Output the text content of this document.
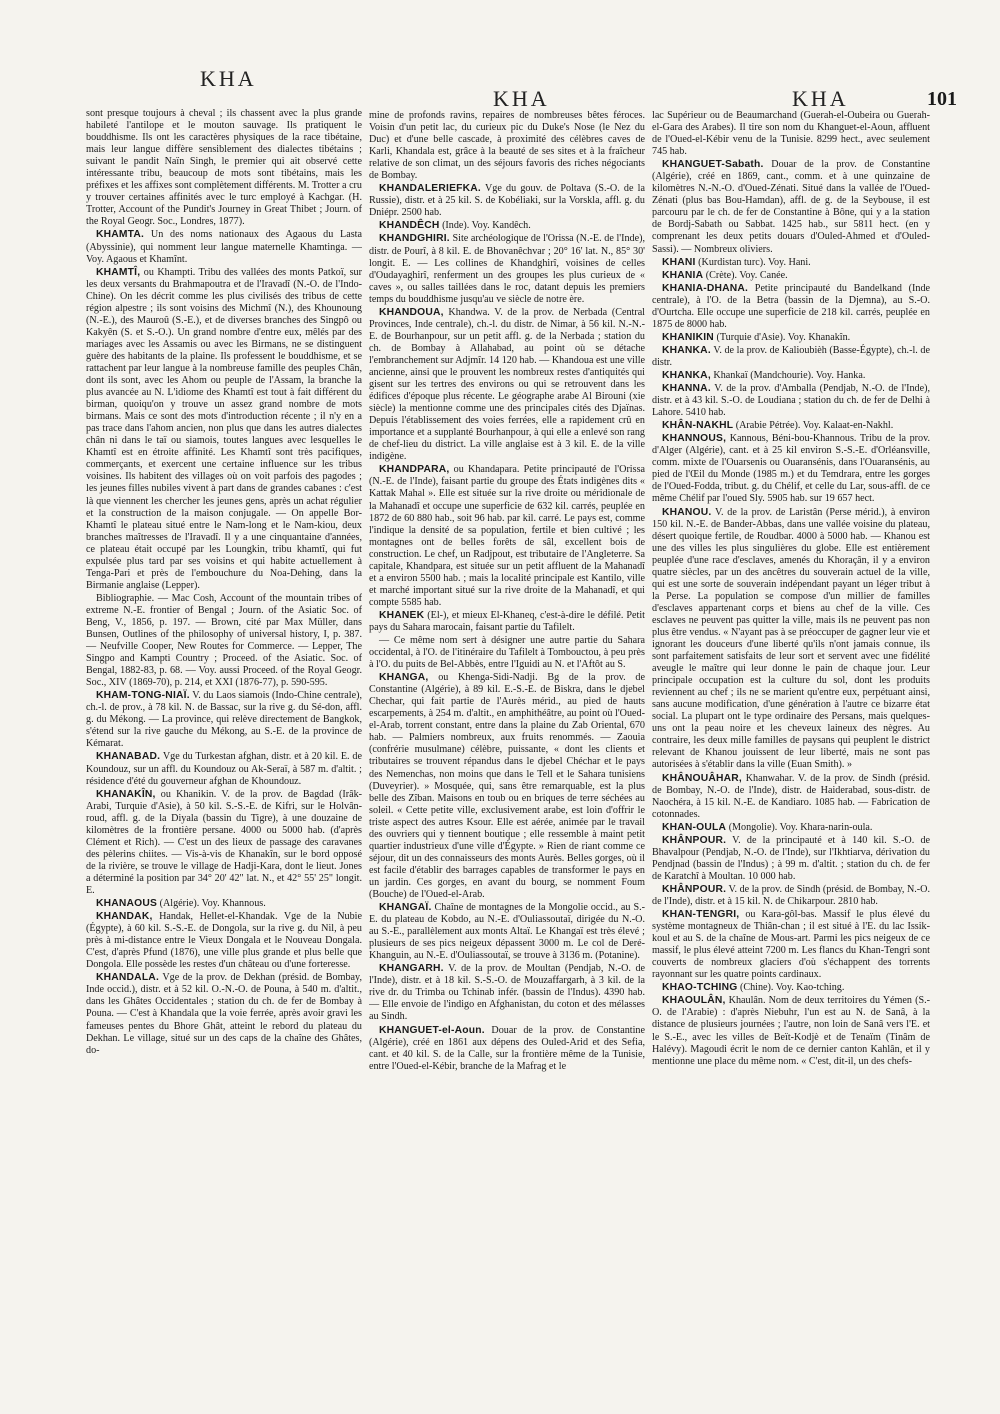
KHA
KHA	KHA	101

sont presque toujours à cheval ; ils chassent avec la plus grande habileté l'antilope et le mouton sauvage. Ils pratiquent le bouddhisme. Ils ont les caractères physiques de la race tibétaine, mais leur langue diffère sensiblement des dialectes tibétains ; suivant le pandit Naïn Singh, le premier qui ait observé cette intéressante tribu, beaucoup de mots sont tibétains, mais les préfixes et les affixes sont complètement différents. M. Trotter a cru y trouver certaines affinités avec le turc employé à Kachgar. (H. Trotter, Account of the Pundit's Journey in Great Thibet ; Journ. of the Royal Geogr. Soc., Londres, 1877).

KHAMTA. Un des noms nationaux des Agaous du Lasta (Abyssinie), qui nomment leur langue maternelle Khamtinga. — Voy. Agaous et Khamînt.

KHAMTÎ, ou Khampti. Tribu des vallées des monts Patkoï, sur les deux versants du Brahmapoutra et de l'Iravadî (N.-O. de l'Indo-Chine). On les décrit comme les plus civilisés des tribus de cette région alpestre ; ils sont voisins des Michmî (N.), des Khounoung (N.-E.), des Mauroû (S.-E.), et de diverses branches des Singpô ou Kakyên (S. et S.-O.). Un grand nombre d'entre eux, mêlés par des mariages avec les Assamis ou avec les Birmans, ne se distinguent guère des habitants de la plaine. Ils professent le bouddhisme, et se rattachent par leur langue à la nombreuse famille des peuples Chân, dont ils sont, avec les Ahom ou peuple de l'Assam, la branche la plus avancée au N. L'idiome des Khamtî est tout à fait différent du birman, quoiqu'on y trouve un assez grand nombre de mots birmans. Mais ce sont des mots d'introduction récente ; il n'y en a pas trace dans l'ahom ancien, non plus que dans les autres dialectes chân ni dans le taï ou siamois, toutes langues avec lesquelles le Khamtî est en étroite affinité. Les Khamtî sont très pacifiques, commerçants, et exercent une certaine influence sur les tribus voisines. Ils habitent des villages où on voit parfois des pagodes ; les jeunes filles nubiles vivent à part dans de grandes cabanes : c'est là que viennent les chercher les jeunes gens, après un achat régulier et la construction de la maison conjugale. — On appelle Bor-Khamtî le plateau situé entre le Nam-long et le Nam-kiou, deux branches maîtresses de l'Iravadî. Il y a une cinquantaine d'années, ce plateau était occupé par les Loungkin, tribu khamtî, qui fut expulsée plus tard par ses voisins et qui habite actuellement à Tenga-Pari et près de l'embouchure du Noa-Dehing, dans la Birmanie anglaise (Lepper).

Bibliographie. — Mac Cosh, Account of the mountain tribes of extreme N.-E. frontier of Bengal ; Journ. of the Asiatic Soc. of Beng, V., 1856, p. 197. — Brown, cité par Max Müller, dans Bunsen, Outlines of the philosophy of universal history, I, p. 387. — Neufville Cooper, New Routes for Commerce. — Lepper, The Singpo and Kampti Country ; Proceed. of the Asiatic. Soc. of Bengal, 1882-83, p. 68. — Voy. aussi Proceed. of the Royal Geogr. Soc., XIV (1869-70), p. 214, et XXI (1876-77), p. 590-595.

KHAM-TONG-NIAÏ. V. du Laos siamois (Indo-Chine centrale), ch.-l. de prov., à 78 kil. N. de Bassac, sur la rive g. du Sé-don, affl. g. du Mékong. — La province, qui relève directement de Bangkok, s'étend sur la rive gauche du Mékong, au S.-E. de la province de Kémarat.

KHANABAD. Vge du Turkestan afghan, distr. et à 20 kil. E. de Koundouz, sur un affl. du Koundouz ou Ak-Seraï, à 587 m. d'altit. ; résidence d'été du gouverneur afghan de Khoundouz.

KHANAKÎN, ou Khanikin. V. de la prov. de Bagdad (Irâk-Arabi, Turquie d'Asie), à 50 kil. S.-S.-E. de Kifri, sur le Holvân-roud, affl. g. de la Diyala (bassin du Tigre), à une douzaine de kilomètres de la frontière persane. 4000 ou 5000 hab. (d'après Clément et Rich). — C'est un des lieux de passage des caravanes des pèlerins chiites. — Vis-à-vis de Khanakîn, sur le bord opposé de la rivière, se trouve le village de Hadji-Kara, dont le lieut. Jones a déterminé la position par 34° 20' 42" lat. N., et 42° 55' 25" longit. E.

KHANAOUS (Algérie). Voy. Khannous.

KHANDAK, Handak, Hellet-el-Khandak. Vge de la Nubie (Égypte), à 60 kil. S.-S.-E. de Dongola, sur la rive g. du Nil, à peu près à mi-distance entre le Vieux Dongala et le Nouveau Dongala. C'est, d'après Pfund (1876), une ville plus grande et plus belle que Dongola. Elle possède les restes d'un château ou d'une forteresse.

KHANDALA. Vge de la prov. de Dekhan (présid. de Bombay, Inde occid.), distr. et à 52 kil. O.-N.-O. de Pouna, à 540 m. d'altit., dans les Ghâtes Occidentales ; station du ch. de fer de Bombay à Pouna. — C'est à Khandala que la voie ferrée, après avoir gravi les fameuses pentes du Bhore Ghât, atteint le rebord du plateau du Dekhan. Le village, situé sur un des caps de la chaîne des Ghâtes, do-

mine de profonds ravins, repaires de nombreuses bêtes féroces. Voisin d'un petit lac, du curieux pic du Duke's Nose (le Nez du Duc) et d'une belle cascade, à proximité des célèbres caves de Karli, Khandala est, grâce à la beauté de ses sites et à la fraîcheur relative de son climat, un des séjours favoris des riches négociants de Bombay.

KHANDALERIEFKA. Vge du gouv. de Poltava (S.-O. de la Russie), distr. et à 25 kil. S. de Kobéliaki, sur la Vorskla, affl. g. du Dniépr. 2500 hab.

KHANDÊCH (Inde). Voy. Kandêch.

KHANDGHIRI. Site archéologique de l'Orissa (N.-E. de l'Inde), distr. de Pourî, à 8 kil. E. de Bhovanêchvar ; 20° 16' lat. N., 85° 30' longit. E. — Les collines de Khandghirî, voisines de celles d'Oudayaghirî, renferment un des groupes les plus curieux de « caves », ou salles taillées dans le roc, datant depuis les premiers temps du bouddhisme jusqu'au ve siècle de notre ère.

KHANDOUA, Khandwa. V. de la prov. de Nerbada (Central Provinces, Inde centrale), ch.-l. du distr. de Nimar, à 56 kil. N.-N.-E. de Bourhanpour, sur un petit affl. g. de la Nerbada ; station du ch. de Bombay à Allahabad, au point où se détache l'embranchement sur Adjmîr. 14 120 hab. — Khandoua est une ville ancienne, ainsi que le prouvent les nombreux restes d'antiquités qui gisent sur les tertres des environs ou qui se retrouvent dans les édifices d'époque plus récente. Le géographe arabe Al Birouni (xie siècle) la mentionne comme une des principales cités des Djaïnas. Depuis l'établissement des voies ferrées, elle a rapidement crû en importance et a supplanté Bourhanpour, à qui elle a enlevé son rang de chef-lieu du district. La ville anglaise est à 3 kil. E. de la ville indigène.

KHANDPARA, ou Khandapara. Petite principauté de l'Orissa (N.-E. de l'Inde), faisant partie du groupe des États indigènes dits « Kattak Mahal ». Elle est située sur la rive droite ou méridionale de la Mahanadî et occupe une superficie de 632 kil. carrés, peuplée en 1872 de 60 880 hab., soit 96 hab. par kil. carré. Le pays est, comme l'indique la densité de sa population, fertile et bien cultivé ; les montagnes ont de belles forêts de sâl, excellent bois de construction. Le chef, un Radjpout, est tributaire de l'Angleterre. Sa capitale, Khandpara, est située sur un petit affluent de la Mahanadî et a environ 5500 hab. ; mais la localité principale est Kantilo, ville et marché important situé sur la rive droite de la Mahanadî, et qui compte 5585 hab.

KHANEK (El-), et mieux El-Khaneq, c'est-à-dire le défilé. Petit pays du Sahara marocain, faisant partie du Tafilelt.

— Ce même nom sert à désigner une autre partie du Sahara occidental, à l'O. de l'itinéraire du Tafilelt à Tombouctou, à peu près à l'O. du puits de Bel-Abbès, entre l'Iguidi au N. et l'Aftôt au S.

KHANGA, ou Khenga-Sidi-Nadji. Bg de la prov. de Constantine (Algérie), à 89 kil. E.-S.-E. de Biskra, dans le djebel Chechar, qui fait partie de l'Aurès mérid., au pied de hauts escarpements, à 254 m. d'altit., en amphithéâtre, au point où l'Oued-el-Arab, torrent constant, entre dans la plaine du Zab Oriental, 670 hab. — Palmiers nombreux, aux fruits renommés. — Zaouia (confrérie musulmane) célèbre, puissante, « dont les clients et tributaires se trouvent répandus dans le djebel Chéchar et le pays des Nemenchas, non moins que dans le Tell et le Sahara tunisiens (Duveyrier). » Mosquée, qui, sans être remarquable, est la plus belle des Zîban. Maisons en toub ou en briques de terre séchées au soleil. « Cette petite ville, exclusivement arabe, est loin d'offrir le triste aspect des autres Ksour. Elle est aérée, animée par le travail des ouvriers qui y tiennent boutique ; elle ressemble à maint petit quartier industrieux d'une ville d'Égypte. » Rien de riant comme ce séjour, dit un des connaisseurs des monts Aurès. Belles gorges, où il est facile d'établir des barrages capables de transformer le pays en un jardin. Ces gorges, en avant du bourg, se nomment Foum (Bouche) de l'Oued-el-Arab.

KHANGAÏ. Chaîne de montagnes de la Mongolie occid., au S.-E. du plateau de Kobdo, au N.-E. d'Ouliassoutaï, dirigée du N.-O. au S.-E., parallèlement aux monts Altaï. Le Khangaï est très élevé ; plusieurs de ses pics neigeux dépassent 3000 m. Le col de Deré-Khanguin, au N.-E. d'Ouliassoutaï, se trouve à 3136 m. (Potanine).

KHANGARH. V. de la prov. de Moultan (Pendjab, N.-O. de l'Inde), distr. et à 18 kil. S.-S.-O. de Mouzaffargarh, à 3 kil. de la rive dr. du Trimba ou Tchinab infér. (bassin de l'Indus). 4390 hab. — Elle envoie de l'indigo en Afghanistan, du coton et des mélasses au Sindh.

KHANGUET-el-Aoun. Douar de la prov. de Constantine (Algérie), créé en 1861 aux dépens des Ouled-Arid et des Sefia, cant. et 40 kil. S. de la Calle, sur la frontière même de la Tunisie, entre l'Oued-el-Kébir, branche de la Mafrag et le

lac Supérieur ou de Beaumarchand (Guerah-el-Oubeira ou Guerah-el-Gara des Arabes). Il tire son nom du Khanguet-el-Aoun, affluent de l'Oued-el-Kébir venu de la Tunisie. 8299 hect., avec seulement 745 hab.

KHANGUET-Sabath. Douar de la prov. de Constantine (Algérie), créé en 1869, cant., comm. et à une quinzaine de kilomètres N.-N.-O. d'Oued-Zénati. Situé dans la vallée de l'Oued-Zénati (plus bas Bou-Hamdan), affl. de g. de la Seybouse, il est parcouru par le ch. de fer de Constantine à Bône, qui y a la station de Bordj-Sabath ou Sabbat. 1425 hab., sur 5811 hect. (en y comprenant les deux petits douars d'Ouled-Ahmed et d'Ouled-Sassi). — Nombreux oliviers.

KHANI (Kurdistan turc). Voy. Hani.

KHANIA (Crète). Voy. Canée.

KHANIA-DHANA. Petite principauté du Bandelkand (Inde centrale), à l'O. de la Betra (bassin de la Djemna), au S.-O. d'Ourtcha. Elle occupe une superficie de 218 kil. carrés, peuplée en 1875 de 8000 hab.

KHANIKIN (Turquie d'Asie). Voy. Khanakîn.

KHANKA. V. de la prov. de Kalioubièh (Basse-Égypte), ch.-l. de distr.

KHANKA, Khankaï (Mandchourie). Voy. Hanka.

KHANNA. V. de la prov. d'Amballa (Pendjab, N.-O. de l'Inde), distr. et à 43 kil. S.-O. de Loudiana ; station du ch. de fer de Delhi à Lahore. 5410 hab.

KHÂN-NAKHL (Arabie Pétrée). Voy. Kalaat-en-Nakhl.

KHANNOUS, Kannous, Béni-bou-Khannous. Tribu de la prov. d'Alger (Algérie), cant. et à 25 kil environ S.-S.-E. d'Orléansville, comm. mixte de l'Ouarsenis ou Ouaransénis, dans l'Ouaransénis, au pied de l'Œil du Monde (1985 m.) et du Temdrara, entre les gorges de l'Oued-Fodda, tribut. g. du Chélif, et celle du Lar, sous-affl. de ce même Chélif par l'oued Sly. 5905 hab. sur 19 657 hect.

KHANOU. V. de la prov. de Laristân (Perse mérid.), à environ 150 kil. N.-E. de Bander-Abbas, dans une vallée voisine du plateau, désert quoique fertile, de Roudbar. 4000 à 5000 hab. — Khanou est une des villes les plus singulières du globe. Elle est entièrement peuplée d'une race d'esclaves, amenés du Khoraçân, il y a environ quatre siècles, par un des ancêtres du souverain actuel de la ville, qui est une sorte de souverain indépendant payant un léger tribut à la Perse. La population se compose d'un millier de familles d'esclaves appartenant corps et biens au chef de la ville. Ces esclaves ne peuvent pas quitter la ville, mais ils ne peuvent pas non plus être vendus. « N'ayant pas à se préoccuper de gagner leur vie et ignorant les douceurs d'une liberté qu'ils n'ont jamais connue, ils sont parfaitement satisfaits de leur sort et servent avec une fidélité aveugle le maître qui leur donne le pain de chaque jour. Leur principale occupation est la culture du sol, dont les produits reviennent au chef ; ils ne se marient qu'entre eux, perpétuant ainsi, sans aucune modification, d'une génération à l'autre ce bizarre état social. La plupart ont le type ordinaire des Persans, mais quelques-uns ont la peau noire et les cheveux laineux des nègres. Au contraire, les deux mille familles de paysans qui peuplent le district relevant de Khanou jouissent de leur liberté, mais ne sont pas autorisées à s'établir dans la ville (Euan Smith). »

KHÂNOUÂHAR, Khanwahar. V. de la prov. de Sindh (présid. de Bombay, N.-O. de l'Inde), distr. de Haiderabad, sous-distr. de Naochéra, à 15 kil. N.-E. de Kandiaro. 1085 hab. — Fabrication de cotonnades.

KHAN-OULA (Mongolie). Voy. Khara-narin-oula.

KHÂNPOUR. V. de la principauté et à 140 kil. S.-O. de Bhavalpour (Pendjab, N.-O. de l'Inde), sur l'Ikhtiarva, dérivation du Pendjnad (bassin de l'Indus) ; à 99 m. d'altit. ; station du ch. de fer de Karatchî à Moultan. 10 000 hab.

KHÂNPOUR. V. de la prov. de Sindh (présid. de Bombay, N.-O. de l'Inde), distr. et à 15 kil. N. de Chikarpour. 2810 hab.

KHAN-TENGRI, ou Kara-gôl-bas. Massif le plus élevé du système montagneux de Thiân-chan ; il est situé à l'E. du lac Issik-koul et au S. de la chaîne de Mous-art. Parmi les pics neigeux de ce massif, le plus élevé atteint 7200 m. Les flancs du Khan-Tengri sont couverts de nombreux glaciers d'où s'échappent des torrents rayonnant sur les quatre points cardinaux.

KHAO-TCHING (Chine). Voy. Kao-tching.

KHAOULÂN, Khaulân. Nom de deux territoires du Yémen (S.-O. de l'Arabie) : d'après Niebuhr, l'un est au N. de Sanâ, à la distance de plusieurs journées ; l'autre, non loin de Sanâ vers l'E. et le S.-E., avec les villes de Beït-Kodjè et de Tenaïm (Tinâm de Halévy). Magoudi écrit le nom de ce dernier canton Kahlân, et il y mentionne une place du même nom. « C'est, dit-il, un des chefs-
